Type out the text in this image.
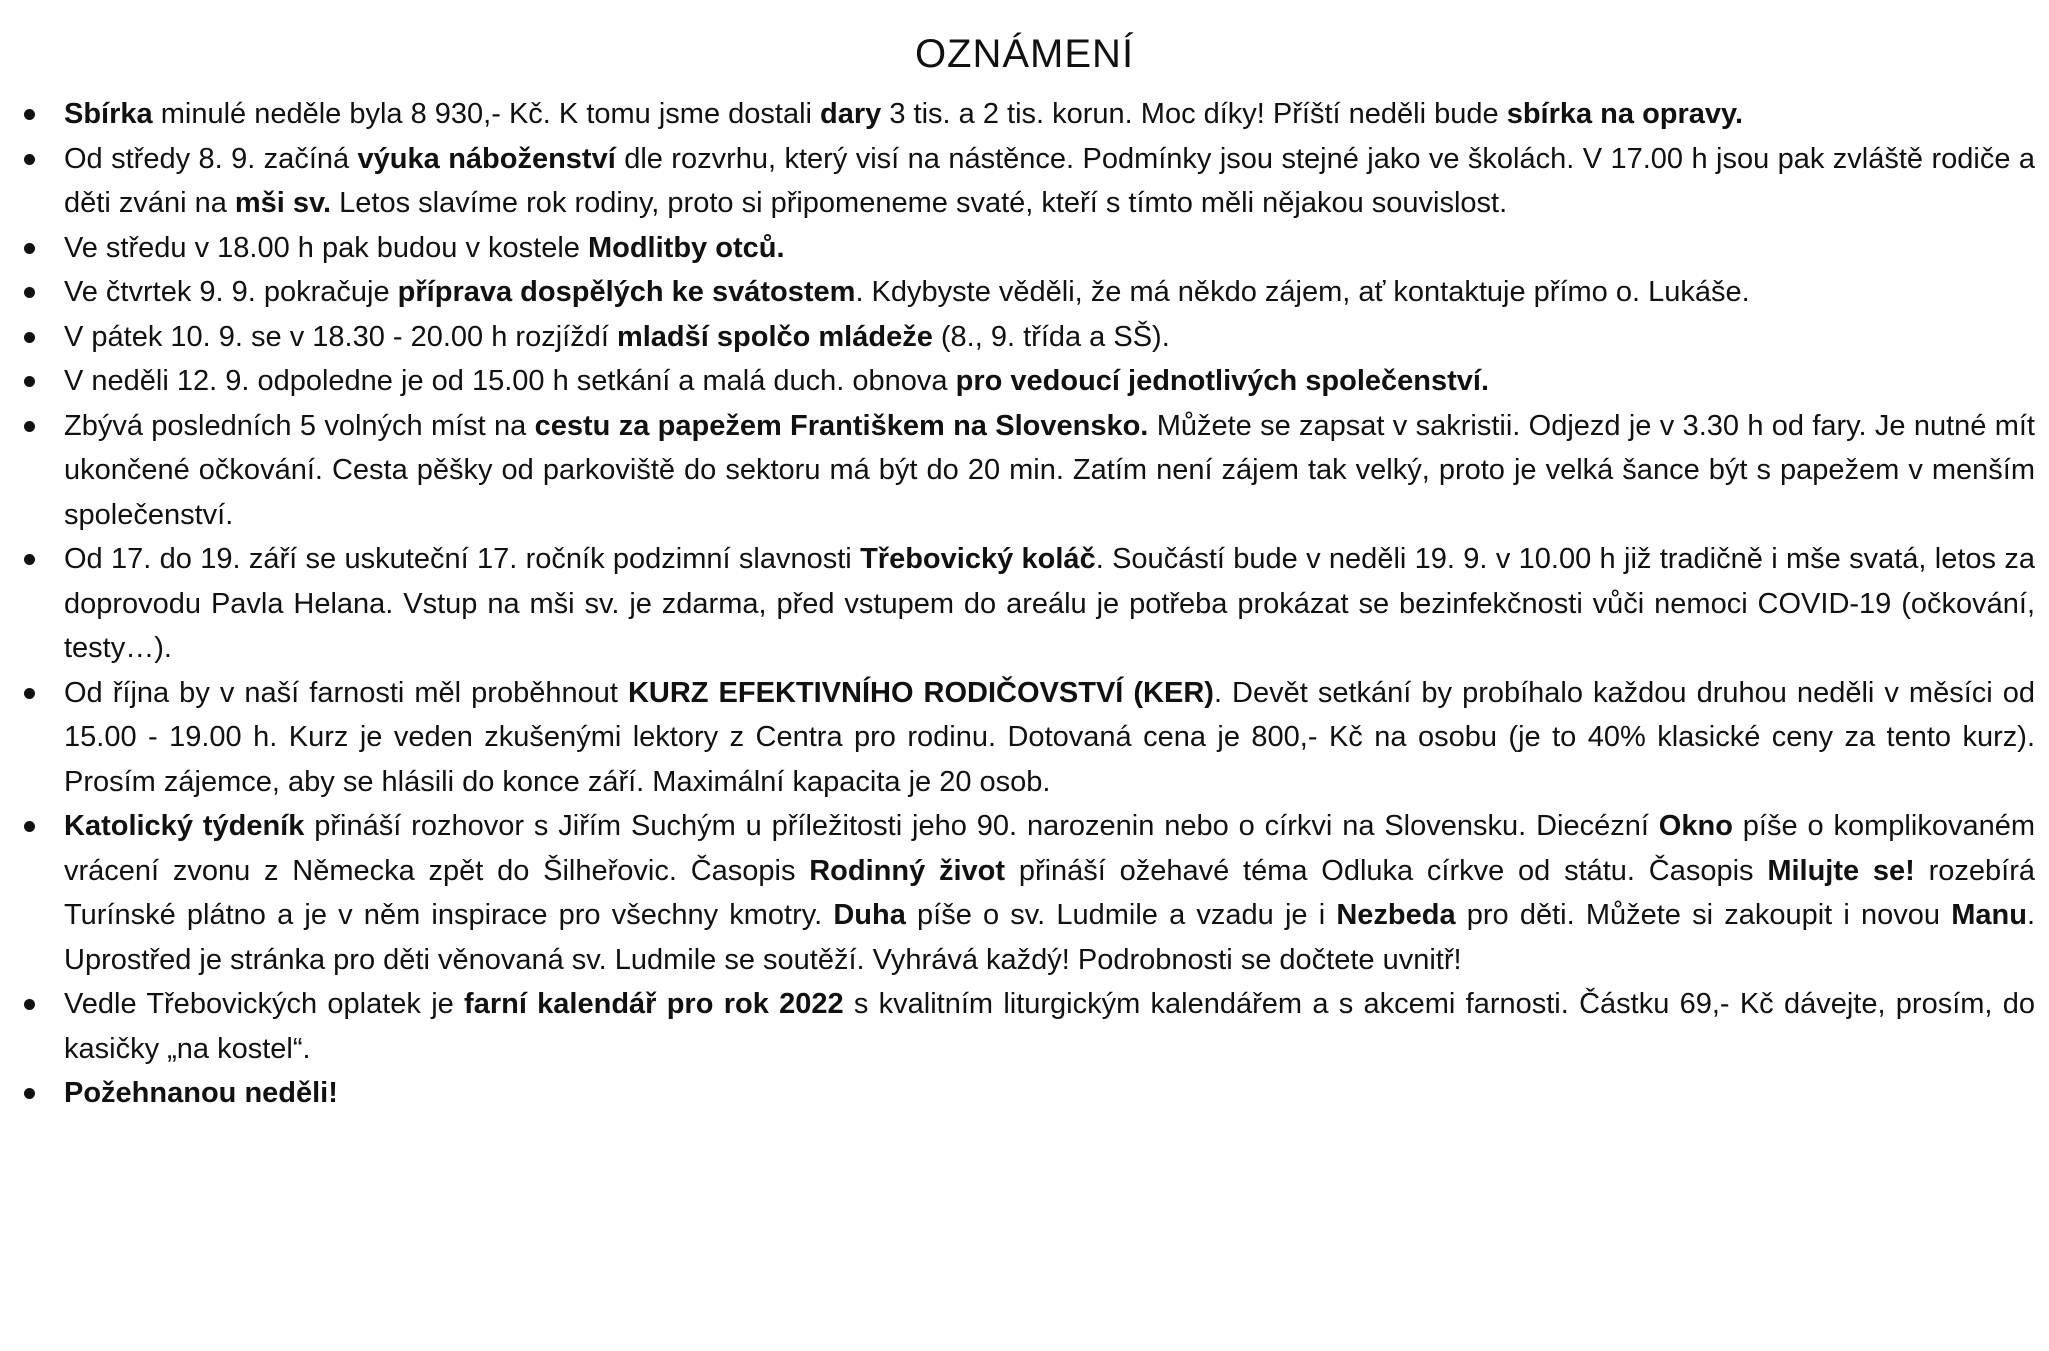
OZNÁMENÍ
Sbírka minulé neděle byla 8 930,- Kč. K tomu jsme dostali dary 3 tis. a 2 tis. korun. Moc díky! Příští neděli bude sbírka na opravy.
Od středy 8. 9. začíná výuka náboženství dle rozvrhu, který visí na nástěnce. Podmínky jsou stejné jako ve školách. V 17.00 h jsou pak zvláště rodiče a děti zváni na mši sv. Letos slavíme rok rodiny, proto si připomeneme svaté, kteří s tímto měli nějakou souvislost.
Ve středu v 18.00 h pak budou v kostele Modlitby otců.
Ve čtvrtek 9. 9. pokračuje příprava dospělých ke svátostem. Kdybyste věděli, že má někdo zájem, ať kontaktuje přímo o. Lukáše.
V pátek 10. 9. se v 18.30 - 20.00 h rozjíždí mladší spolčo mládeže (8., 9. třída a SŠ).
V neděli 12. 9. odpoledne je od 15.00 h setkání a malá duch. obnova pro vedoucí jednotlivých společenství.
Zbývá posledních 5 volných míst na cestu za papežem Františkem na Slovensko. Můžete se zapsat v sakristii. Odjezd je v 3.30 h od fary. Je nutné mít ukončené očkování. Cesta pěšky od parkoviště do sektoru má být do 20 min. Zatím není zájem tak velký, proto je velká šance být s papežem v menším společenství.
Od 17. do 19. září se uskuteční 17. ročník podzimní slavnosti Třebovický koláč. Součástí bude v neděli 19. 9. v 10.00 h již tradičně i mše svatá, letos za doprovodu Pavla Helana. Vstup na mši sv. je zdarma, před vstupem do areálu je potřeba prokázat se bezinfekčnosti vůči nemoci COVID-19 (očkování, testy…).
Od října by v naší farnosti měl proběhnout KURZ EFEKTIVNÍHO RODIČOVSTVÍ (KER). Devět setkání by probíhalo každou druhou neděli v měsíci od 15.00 - 19.00 h. Kurz je veden zkušenými lektory z Centra pro rodinu. Dotovaná cena je 800,- Kč na osobu (je to 40% klasické ceny za tento kurz). Prosím zájemce, aby se hlásili do konce září. Maximální kapacita je 20 osob.
Katolický týdeník přináší rozhovor s Jiřím Suchým u příležitosti jeho 90. narozenin nebo o církvi na Slovensku. Diecézní Okno píše o komplikovaném vrácení zvonu z Německa zpět do Šilheřovic. Časopis Rodinný život přináší ožehavé téma Odluka církve od státu. Časopis Milujte se! rozebírá Turínské plátno a je v něm inspirace pro všechny kmotry. Duha píše o sv. Ludmile a vzadu je i Nezbeda pro děti. Můžete si zakoupit i novou Manu. Uprostřed je stránka pro děti věnovaná sv. Ludmile se soutěží. Vyhrává každý! Podrobnosti se dočtete uvnitř!
Vedle Třebovických oplatek je farní kalendář pro rok 2022 s kvalitním liturgickým kalendářem a s akcemi farnosti. Částku 69,- Kč dávejte, prosím, do kasičky „na kostel“.
Požehnanou neděli!
